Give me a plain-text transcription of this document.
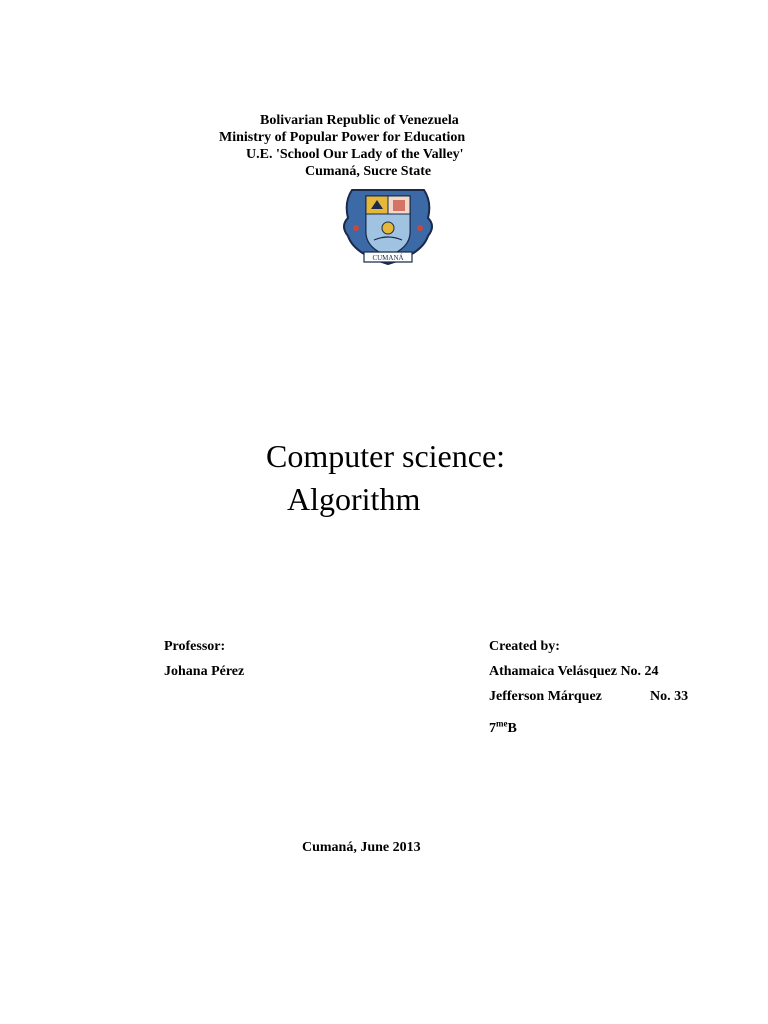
Bolivarian Republic of Venezuela
Ministry of Popular Power for Education
U.E. 'School Our Lady of the Valley'
Cumaná, Sucre State
CUMANÁ
Computer science:
Algorithm
Professor:
Johana Pérez
Created by:
Athamaica Velásquez No. 24
Jefferson Márquez	No. 33
$7^{me}B$
Cumaná, June 2013
